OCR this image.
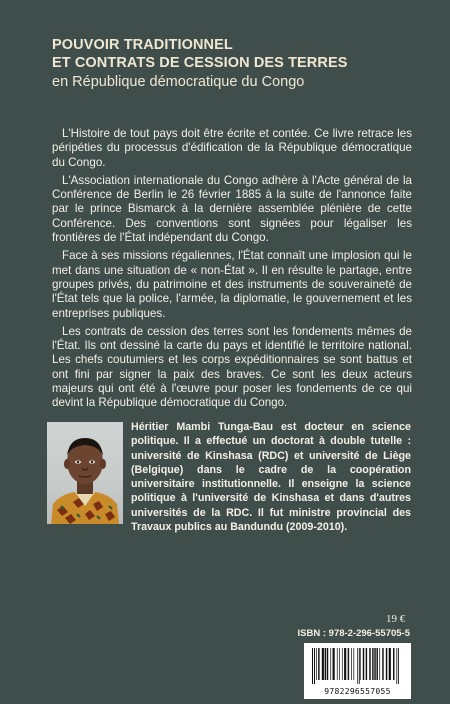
POUVOIR TRADITIONNEL
ET CONTRATS DE CESSION DES TERRES
en République démocratique du Congo

L'Histoire de tout pays doit être écrite et contée. Ce livre retrace les péripéties du processus d'édification de la République démocratique du Congo.

L'Association internationale du Congo adhère à l'Acte général de la Conférence de Berlin le 26 février 1885 à la suite de l'annonce faite par le prince Bismarck à la dernière assemblée plénière de cette Conférence. Des conventions sont signées pour légaliser les frontières de l'État indépendant du Congo.

Face à ses missions régaliennes, l'État connaît une implosion qui le met dans une situation de « non-État ». Il en résulte le partage, entre groupes privés, du patrimoine et des instruments de souveraineté de l'État tels que la police, l'armée, la diplomatie, le gouvernement et les entreprises publiques.

Les contrats de cession des terres sont les fondements mêmes de l'État. Ils ont dessiné la carte du pays et identifié le territoire national. Les chefs coutumiers et les corps expéditionnaires se sont battus et ont fini par signer la paix des braves. Ce sont les deux acteurs majeurs qui ont été à l'œuvre pour poser les fondements de ce qui devint la République démocratique du Congo.

Héritier Mambi Tunga-Bau est docteur en science politique. Il a effectué un doctorat à double tutelle : université de Kinshasa (RDC) et université de Liège (Belgique) dans le cadre de la coopération universitaire institutionnelle. Il enseigne la science politique à l'université de Kinshasa et dans d'autres universités de la RDC. Il fut ministre provincial des Travaux publics au Bandundu (2009-2010).
19 €
ISBN : 978-2-296-55705-5
9782296557055
